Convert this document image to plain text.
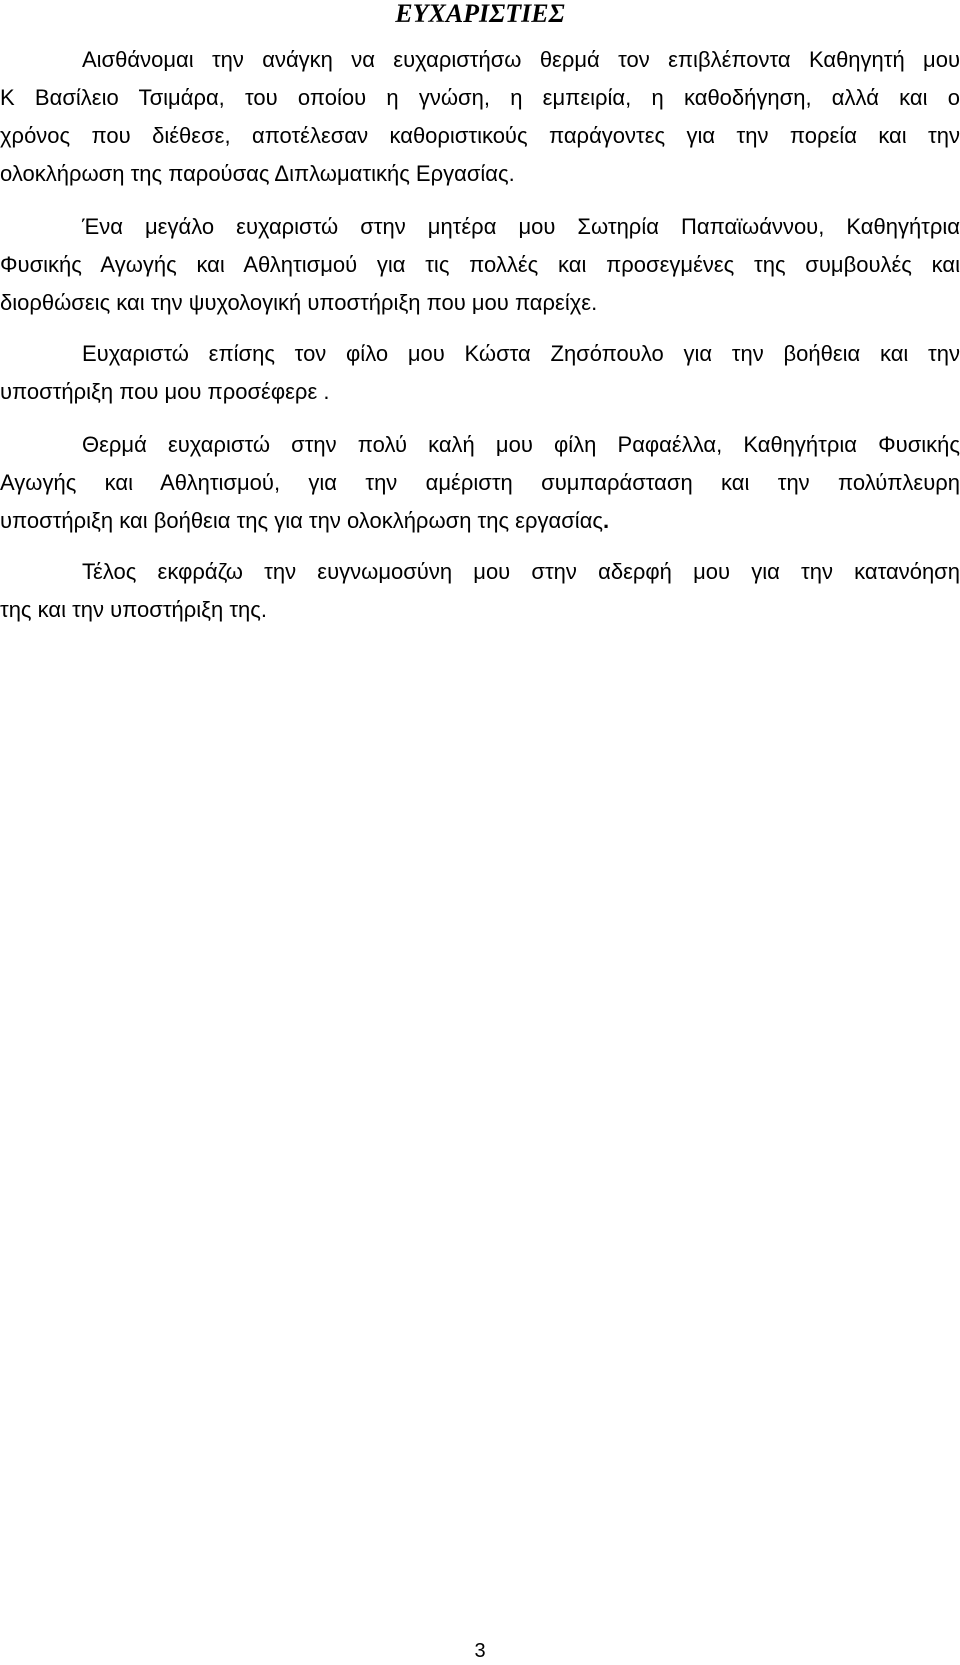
ΕΥΧΑΡΙΣΤΙΕΣ
Αισθάνομαι την ανάγκη να ευχαριστήσω θερμά τον επιβλέποντα Καθηγητή μου
Κ Βασίλειο Τσιμάρα, του οποίου η γνώση, η εμπειρία, η καθοδήγηση, αλλά και ο
χρόνος που διέθεσε, αποτέλεσαν καθοριστικούς παράγοντες για την πορεία και την
ολοκλήρωση της παρούσας Διπλωματικής Εργασίας.
Ένα μεγάλο ευχαριστώ στην μητέρα μου Σωτηρία Παπαϊωάννου, Καθηγήτρια
Φυσικής Αγωγής και Αθλητισμού για τις πολλές και προσεγμένες της συμβουλές και
διορθώσεις και την ψυχολογική υποστήριξη που μου παρείχε.
Ευχαριστώ επίσης τον φίλο μου Κώστα Ζησόπουλο για την βοήθεια και την
υποστήριξη που μου προσέφερε .
Θερμά ευχαριστώ στην πολύ καλή μου φίλη Ραφαέλλα, Καθηγήτρια Φυσικής
Αγωγής και Αθλητισμού, για την αμέριστη συμπαράσταση και την πολύπλευρη
υποστήριξη και βοήθεια της για την ολοκλήρωση της εργασίας.
Τέλος εκφράζω την ευγνωμοσύνη μου στην αδερφή μου για την κατανόηση
της και την υποστήριξη της.
3
